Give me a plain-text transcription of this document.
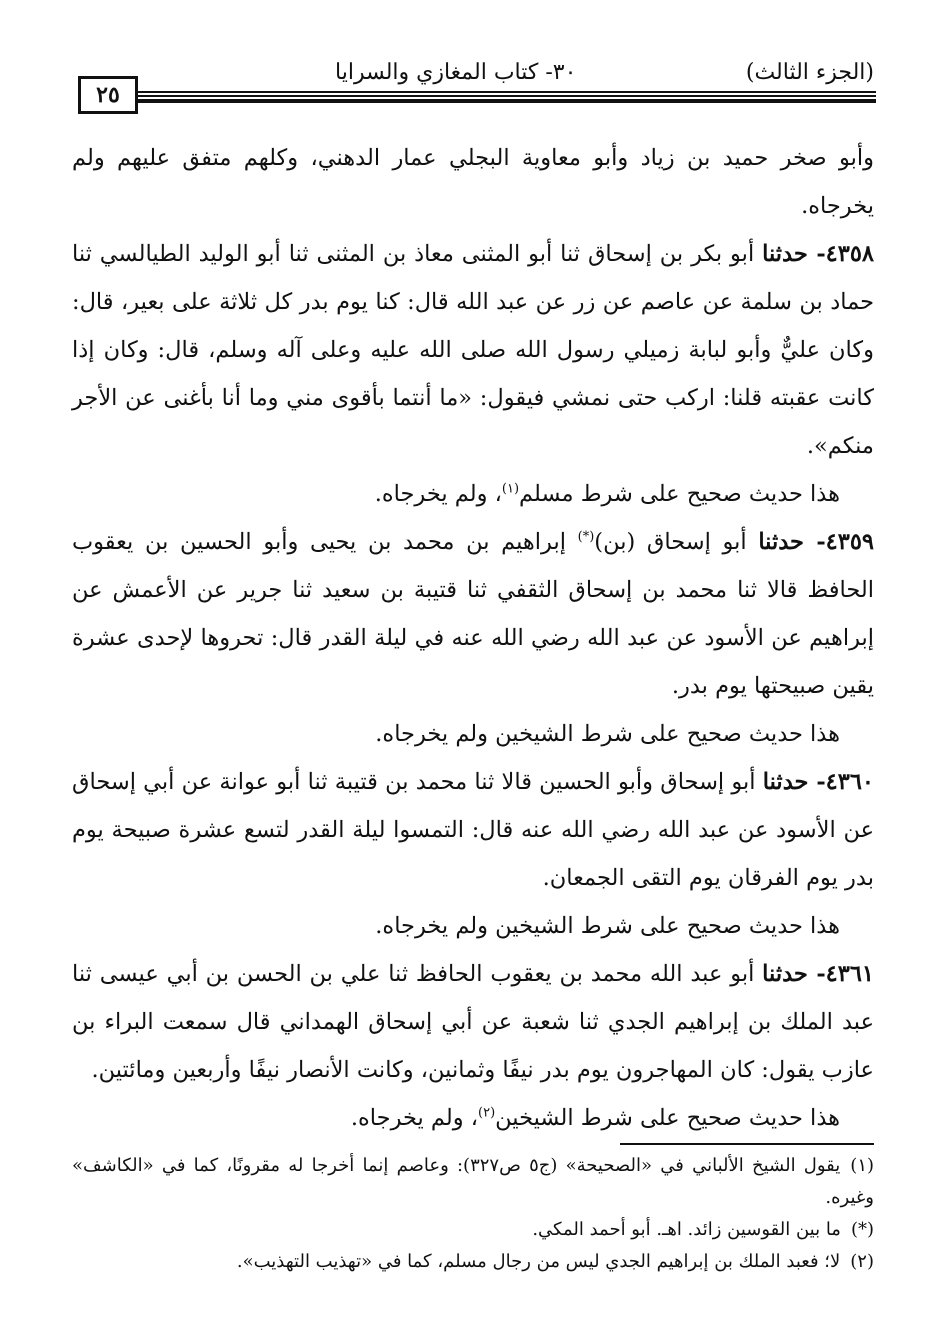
(الجزء الثالث)
٣٠- كتاب المغازي والسرايا
٢٥

وأبو صخر حميد بن زياد وأبو معاوية البجلي عمار الدهني، وكلهم متفق عليهم ولم يخرجاه.

٤٣٥٨- حدثنا أبو بكر بن إسحاق ثنا أبو المثنى معاذ بن المثنى ثنا أبو الوليد الطيالسي ثنا حماد بن سلمة عن عاصم عن زر عن عبد الله قال: كنا يوم بدر كل ثلاثة على بعير، قال: وكان عليٌّ وأبو لبابة زميلي رسول الله صلى الله عليه وعلى آله وسلم، قال: وكان إذا كانت عقبته قلنا: اركب حتى نمشي فيقول: «ما أنتما بأقوى مني وما أنا بأغنى عن الأجر منكم».

هذا حديث صحيح على شرط مسلم$^{(١)}$، ولم يخرجاه.

٤٣٥٩- حدثنا أبو إسحاق (بن)(*) إبراهيم بن محمد بن يحيى وأبو الحسين بن يعقوب الحافظ قالا ثنا محمد بن إسحاق الثقفي ثنا قتيبة بن سعيد ثنا جرير عن الأعمش عن إبراهيم عن الأسود عن عبد الله رضي الله عنه في ليلة القدر قال: تحروها لإحدى عشرة يقين صبيحتها يوم بدر.

هذا حديث صحيح على شرط الشيخين ولم يخرجاه.

٤٣٦٠- حدثنا أبو إسحاق وأبو الحسين قالا ثنا محمد بن قتيبة ثنا أبو عوانة عن أبي إسحاق عن الأسود عن عبد الله رضي الله عنه قال: التمسوا ليلة القدر لتسع عشرة صبيحة يوم بدر يوم الفرقان يوم التقى الجمعان.

هذا حديث صحيح على شرط الشيخين ولم يخرجاه.

٤٣٦١- حدثنا أبو عبد الله محمد بن يعقوب الحافظ ثنا علي بن الحسن بن أبي عيسى ثنا عبد الملك بن إبراهيم الجدي ثنا شعبة عن أبي إسحاق الهمداني قال سمعت البراء بن عازب يقول: كان المهاجرون يوم بدر نيفًا وثمانين، وكانت الأنصار نيفًا وأربعين ومائتين.

هذا حديث صحيح على شرط الشيخين$^{(٢)}$، ولم يخرجاه.

(١)يقول الشيخ الألباني في «الصحيحة» (ج٥ ص٣٢٧): وعاصم إنما أخرجا له مقرونًا، كما في «الكاشف» وغيره.

(*)ما بين القوسين زائد. اهـ. أبو أحمد المكي.

(٢)لا؛ فعبد الملك بن إبراهيم الجدي ليس من رجال مسلم، كما في «تهذيب التهذيب».
